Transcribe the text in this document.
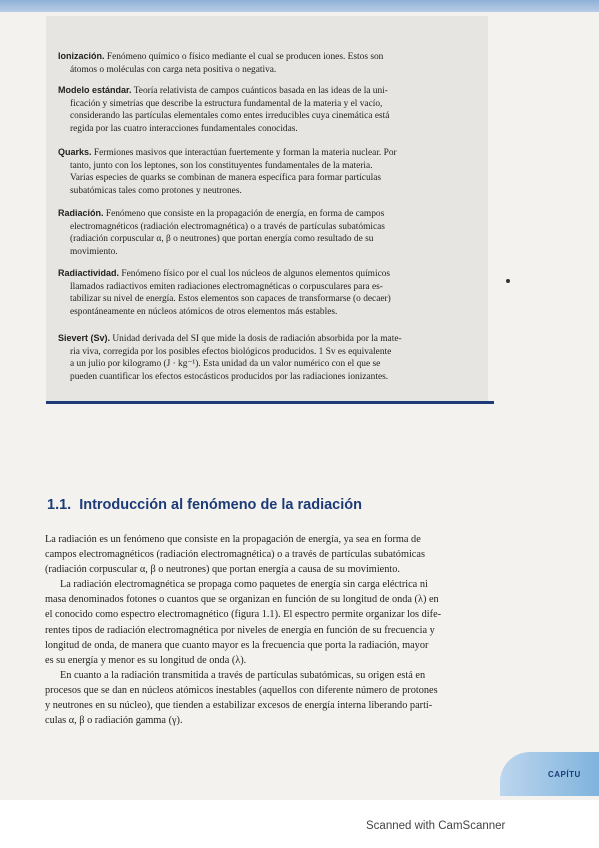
Ionización. Fenómeno químico o físico mediante el cual se producen iones. Estos son
átomos o moléculas con carga neta positiva o negativa.
Modelo estándar. Teoría relativista de campos cuánticos basada en las ideas de la uni-
ficación y simetrías que describe la estructura fundamental de la materia y el vacío,
considerando las partículas elementales como entes irreducibles cuya cinemática está
regida por las cuatro interacciones fundamentales conocidas.
Quarks. Fermiones masivos que interactúan fuertemente y forman la materia nuclear. Por
tanto, junto con los leptones, son los constituyentes fundamentales de la materia.
Varias especies de quarks se combinan de manera específica para formar partículas
subatómicas tales como protones y neutrones.
Radiación. Fenómeno que consiste en la propagación de energía, en forma de campos
electromagnéticos (radiación electromagnética) o a través de partículas subatómicas
(radiación corpuscular α, β o neutrones) que portan energía como resultado de su
movimiento.
Radiactividad. Fenómeno físico por el cual los núcleos de algunos elementos químicos
llamados radiactivos emiten radiaciones electromagnéticas o corpusculares para es-
tabilizar su nivel de energía. Estos elementos son capaces de transformarse (o decaer)
espontáneamente en núcleos atómicos de otros elementos más estables.
Sievert (Sv). Unidad derivada del SI que mide la dosis de radiación absorbida por la mate-
ria viva, corregida por los posibles efectos biológicos producidos. 1 Sv es equivalente
a un julio por kilogramo (J · kg⁻¹). Esta unidad da un valor numérico con el que se
pueden cuantificar los efectos estocásticos producidos por las radiaciones ionizantes.
1.1. Introducción al fenómeno de la radiación
La radiación es un fenómeno que consiste en la propagación de energía, ya sea en forma de
campos electromagnéticos (radiación electromagnética) o a través de partículas subatómicas
(radiación corpuscular α, β o neutrones) que portan energía a causa de su movimiento.
La radiación electromagnética se propaga como paquetes de energía sin carga eléctrica ni
masa denominados fotones o cuantos que se organizan en función de su longitud de onda (λ) en
el conocido como espectro electromagnético (figura 1.1). El espectro permite organizar los dife-
rentes tipos de radiación electromagnética por niveles de energía en función de su frecuencia y
longitud de onda, de manera que cuanto mayor es la frecuencia que porta la radiación, mayor
es su energía y menor es su longitud de onda (λ).
En cuanto a la radiación transmitida a través de partículas subatómicas, su origen está en
procesos que se dan en núcleos atómicos inestables (aquellos con diferente número de protones
y neutrones en su núcleo), que tienden a estabilizar excesos de energía interna liberando partí-
culas α, β o radiación gamma (γ).
CAPÍTU
Scanned with CamScanner
